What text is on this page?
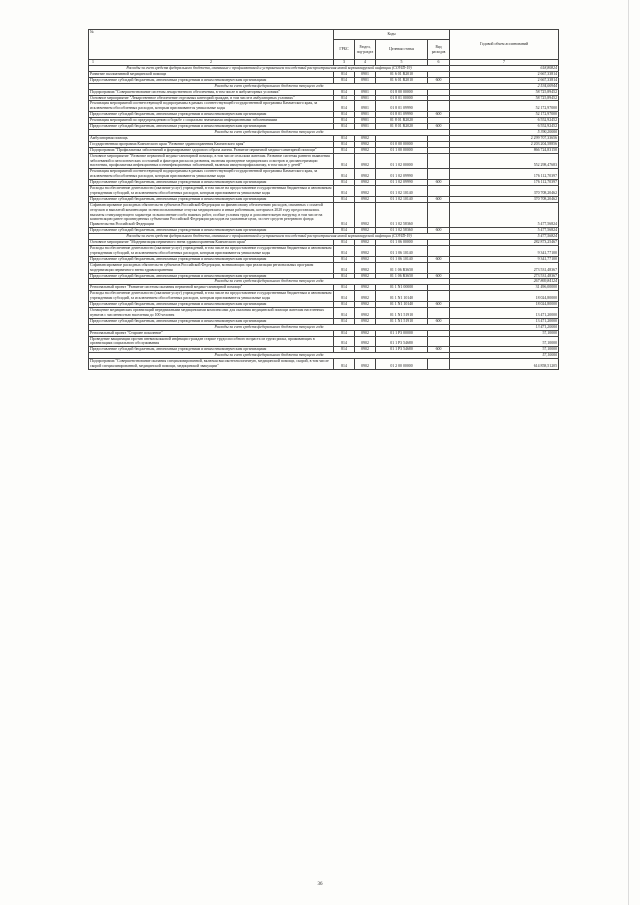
№	Коды				Годовой объем ассигнований
	ГРБС	Раздел, под-раздел	Целевая статья	Вид расходов	

1 2	3	4	5	6	7
Расходы за счет средств федерального бюджета, связанные с профилактикой и устранением последствий распространения новой коронавирусной инфекции (COVID-19)					618,80824
Развитие паллиативной медицинской помощи	814	0901	01 6 01 R2010		2 667,33814
Предоставление субсидий бюджетным, автономным учреждениям и иным некоммерческим организациям	814	0901	01 6 01 R2010	600	2 667,33814
Расходы за счет средств федерального бюджета текущего года					2 534,00944
Подпрограмма "Совершенствование системы лекарственного обеспечения, в том числе в амбулаторных условиях"	814	0901	01 8 00 00000		58 725,89452
Основное мероприятие "Лекарственное обеспечение отдельных категорий граждан, в том числе в амбулаторных условиях"	814	0901	01 8 01 00000		58 725,89452
Реализация мероприятий соответствующей подпрограммы в рамках соответствующей государственной программы Камчатского края, за исключением обособленных расходов, которым присваиваются уникальные коды	814	0901	01 8 01 09990		52 172,97000
Предоставление субсидий бюджетным, автономным учреждениям и иным некоммерческим организациям	814	0901	01 8 01 09990	600	52 172,97000
Реализация мероприятий по предупреждению и борьбе с социально значимыми инфекционными заболеваниями	814	0901	01 8 01 R2020		6 552,92452
Предоставление субсидий бюджетным, автономным учреждениям и иным некоммерческим организациям	814	0901	01 8 01 R2020	600	6 552,92452
Расходы за счет средств федерального бюджета текущего года					5 390,20000
Амбулаторная помощь	814	0902			2 299 707,33656
Государственная программа Камчатского края "Развитие здравоохранения Камчатского края"	814	0902	01 0 00 00000		2 203 204,58856
Подпрограмма "Профилактика заболеваний и формирование здорового образа жизни. Развитие первичной медико-санитарной помощи"	814	0902	01 1 00 00000		866 724,83150
Основное мероприятие "Развитие первичной медико-санитарной помощи, в том числе сельским жителям. Развитие системы раннего выявления заболеваний и патологических состояний и факторов риска их развития, включая проведение медицинских осмотров и диспансеризации населения, профилактика инфекционных и неинфекционных заболеваний, включая иммунопрофилактику, в том числе у детей"	814	0902	01 1 02 00000		552 298,47683
Реализация мероприятий соответствующей подпрограммы в рамках соответствующей государственной программы Камчатского края, за исключением обособленных расходов, которым присваиваются уникальные коды	814	0902	01 1 02 09990		176 112,70397
Предоставление субсидий бюджетным, автономным учреждениям и иным некоммерческим организациям	814	0902	01 1 02 09990	600	176 112,70397
Расходы на обеспечение деятельности (оказание услуг) учреждений, в том числе на предоставление государственным бюджетным и автономным учреждениям субсидий, за исключением обособленных расходов, которым присваиваются уникальные коды	814	0902	01 1 02 10140		370 708,20462
Предоставление субсидий бюджетным, автономным учреждениям и иным некоммерческим организациям	814	0902	01 1 02 10140	600	370 708,20462
Софинансирование расходных обязательств субъектов Российской Федерации по финансовому обеспечению расходов, связанных с оплатой отпусков и выплатой компенсации за неиспользованные отпуска медицинским и иным работникам, которым в 2020 году предоставлялись выплаты стимулирующего характера за выполнение особо важных работ, особые условия труда и дополнительную нагрузку, в том числе на компенсацию ранее произведенных субъектами Российской Федерации расходов на указанные цели, за счет средств резервного фонда Правительства Российской Федерации	814	0902	01 1 02 58360		5 477,56824
Предоставление субсидий бюджетным, автономным учреждениям и иным некоммерческим организациям	814	0902	01 1 02 58360	600	5 477,56824
Расходы за счет средств федерального бюджета, связанные с профилактикой и устранением последствий распространения новой коронавирусной инфекции (COVID-19)					5 477,56824
Основное мероприятие "Модернизация первичного звена здравоохранения Камчатского края"	814	0902	01 1 06 00000		282 873,25467
Расходы на обеспечение деятельности (оказание услуг) учреждений, в том числе на предоставление государственным бюджетным и автономным учреждениям субсидий, за исключением обособленных расходов, которым присваиваются уникальные коды	814	0902	01 1 06 10140		9 341,77100
Предоставление субсидий бюджетным, автономным учреждениям и иным некоммерческим организациям	814	0902	01 1 06 10140	600	9 341,77100
Софинансирование расходных обязательств субъектов Российской Федерации, возникающих при реализации региональных программ модернизации первичного звена здравоохранения	814	0902	01 1 06 R3650		273 531,48367
Предоставление субсидий бюджетным, автономным учреждениям и иным некоммерческим организациям	814	0902	01 1 06 R3650	600	273 531,48367
Расходы за счет средств федерального бюджета текущего года					267 869,84124
Региональный проект "Развитие системы оказания первичной медико-санитарной помощи"	814	0902	01 1 N1 00000		31 496,00000
Расходы на обеспечение деятельности (оказание услуг) учреждений, в том числе на предоставление государственным бюджетным и автономным учреждениям субсидий, за исключением обособленных расходов, которым присваиваются уникальные коды	814	0902	01 1 N1 10140		18 024,80000
Предоставление субсидий бюджетным, автономным учреждениям и иным некоммерческим организациям	814	0902	01 1 N1 10140	600	18 024,80000
Оснащение медицинских организаций передвижными медицинскими комплексами для оказания медицинской помощи жителям населенных пунктов с численностью населения до 100 человек	814	0902	01 1 N1 51910		13 471,20000
Предоставление субсидий бюджетным, автономным учреждениям и иным некоммерческим организациям	814	0902	01 1 N1 51910	600	13 471,20000
Расходы за счет средств федерального бюджета текущего года					13 471,20000
Региональный проект "Старшее поколение"	814	0902	01 1 P3 00000		57,10000
Проведение вакцинации против пневмококковой инфекции граждан старше трудоспособного возраста из групп риска, проживающих в организациях социального обслуживания	814	0902	01 1 P3 54680		57,10000
Предоставление субсидий бюджетным, автономным учреждениям и иным некоммерческим организациям	814	0902	01 1 P3 54680	600	57,10000
Расходы за счет средств федерального бюджета текущего года					57,10000
Подпрограмма "Совершенствование оказания специализированной, включая высокотехнологичную, медицинской помощи, скорой, в том числе скорой специализированной, медицинской помощи, медицинской эвакуации"	814	0902	01 2 00 00000		614 858,51205
36
